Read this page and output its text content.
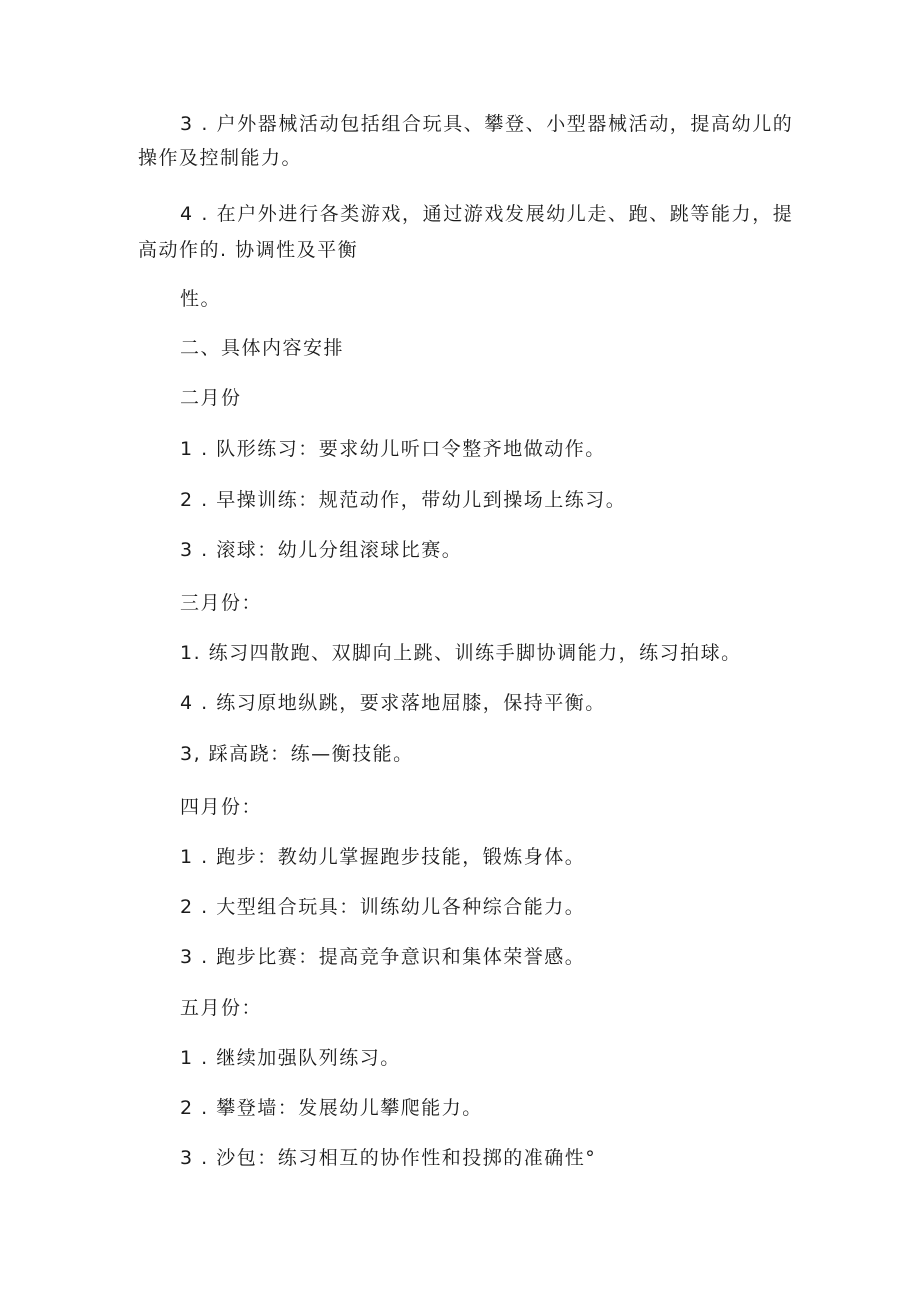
3 . 户外器械活动包括组合玩具、攀登、小型器械活动，提高幼儿的
操作及控制能力。
4 . 在户外进行各类游戏，通过游戏发展幼儿走、跑、跳等能力，提
高动作的. 协调性及平衡
性。
二、具体内容安排
二月份
1 . 队形练习：要求幼儿听口令整齐地做动作。
2 . 早操训练：规范动作，带幼儿到操场上练习。
3 . 滚球：幼儿分组滚球比赛。
三月份：
1. 练习四散跑、双脚向上跳、训练手脚协调能力，练习拍球。
4 . 练习原地纵跳，要求落地屈膝，保持平衡。
3, 踩高跷：练—衡技能。
四月份：
1 . 跑步：教幼儿掌握跑步技能，锻炼身体。
2 . 大型组合玩具：训练幼儿各种综合能力。
3 . 跑步比赛：提高竞争意识和集体荣誉感。
五月份：
1 . 继续加强队列练习。
2 . 攀登墙：发展幼儿攀爬能力。
3 . 沙包：练习相互的协作性和投掷的准确性°
